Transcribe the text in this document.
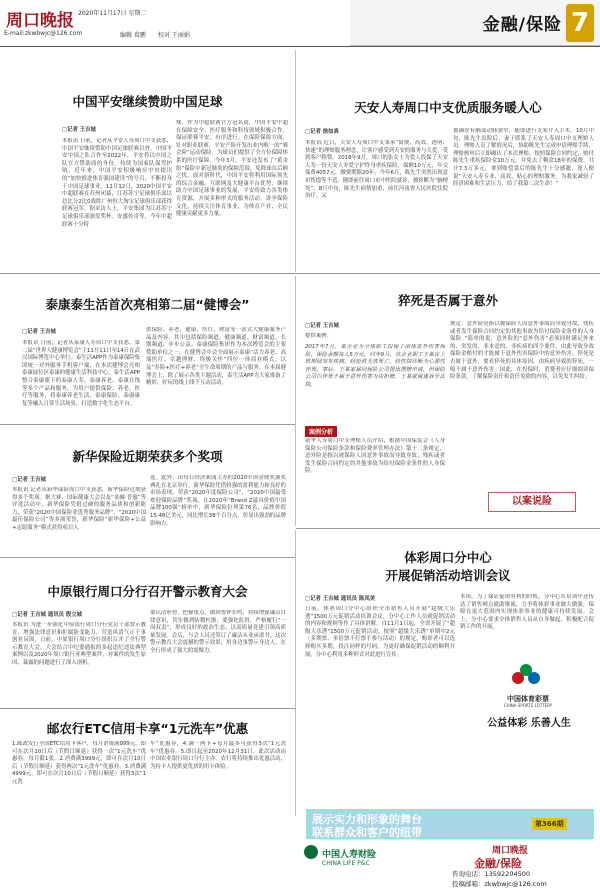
周口晚报 2020年11月17日 星期二
E-mail:zkwbwjc@126.com	编辑 葛鹏 校对 王丽娟
金融/保险 7
中国平安继续赞助中国足球
□记者 王吉城
本报讯 日前，记者从平安人寿周口中支获悉，中国平安继续赞助中国足球联赛以外，中国平安中国之队合作至2022年，平安将以中国之队官方赞助商的身份，持续为国家队保驾护航。近年来，中国平安积极响应中央提出的“加快推进体育强国建设”的号召，不断投身于中国足球事业。11月12日，2020中国平安中超联赛在苏州闭幕，江苏苏宁足球俱乐部以总比分2比0战胜广州恒大淘宝足球俱乐部获得联赛冠军。据采访人士，平安集团为江苏苏宁足球俱乐部颁发奖杯。安盛传奇等，今年中超联赛十分特
殊，作为中超联赛官方冠名商，中国平安中超在保障安全、医疗服务和科技领域积极合作，保证联赛平安、有序进行。在保险保障方面，针对职业联赛，平安产险开发出业内唯一的“赛会险”运动保险，为球员们提供了全方位保障体系的医疗保障。今年3月，平安还发布了“黄金组”保险中新冠肺炎的保障范围，免除球员后顾之忧。面对新时代，中国平安将利用国际领先的综合金融、互联网及大健康平台优势，继续助力中国足球事业的发展，平安将致力各类体育资源，开展多种形式的服务活动，讲孕保险文化，持续关注体育事业，为体育产业、全民健康贡献更多力量。
天安人寿周口中支优质服务暖人心
□记者 徐如真
本报讯 近日，天安人寿周口中支秉承“简便、高效、透明、快速”的理赔服务理念，让客户感受到天安的服务与关爱，受到客户称赞。2018年9月，周口的张女士为爱人投保了天安人寿一份天安人寿爱宁护终身重疾保险，保额10万元，年交保费4057元，缴费期限20年。今年6月，陈先生突然出现意识恍惚等不适，随即前往周口市中医院就诊，被诊断为“脑梗死”。8月中旬，陈先生病情加重，前往河南省人民医院住院治疗。又
被确诊有脑部动脉狭窄，随即进行支架介入手术。10月中旬，陈先生出院后，妻子联系了天安人寿周口中支理赔人员。理赔人员了解情况后，协助陈先生完成申请理赔手续，理赔核审后立即确认了本次理赔，按照保险合同约定，赔付陈先生重疾保险金10万元，并免去了剩余18年的保费，共计7.3万多元。拿到赔偿款后的陈先生十分感激，逢人便说“天安人寿专业、高效、贴心的理赔服务，为我家减轻了经济困难和生活压力，给了我第二次生命！”
泰康泰生活首次亮相第二届“健博会”
□记者 王吉城
本报讯 日前，记者从泰康人寿周口中支获悉，第二届“世界大健康博览会”于11月11日至14日在武汉国际博览中心举行。泰生活APP作为泰康保险集团统一对外服务手机客户端，在本次健博会亮相泰康展位区泰康的健康生活科技中心，泰生活APP整合泰康旗下的泰康人寿、泰康养老、泰康在线等多个产品和服务，为用户提供保险、养老、医疗等服务，将泰康养老生活、泰康保险、泰康康复等融入日常生活场景，打造数字化生态平台。
供保险、养老、健康、医疗、财富等一站式大健康服务产品及内容，其中包括保险频道、健康频道、财富频道、长期频道、步步公益。泰康保险集团作为本次博览会的主要赞助单位之一，在健博会中会全面展示泰康“活力养老、高端医疗、卓越理财、终极关怀”四位一体商业模式。以及“寿险+医疗+养老”全生命周期的产品与服务。在本届健博会上，除了展示各类主题活动，泰生活APP为大家准备了精彩、好玩的线上线下互动活动。
猝死是否属于意外
□记者 王吉城
提供案例：
2017年7月，某企业为全体职工投保了团体意外伤害保险，保险金额每人5万元。同年9月，该企业职工王某在上班期间突发疾病，经抢救无效死亡，经医院诊断为心源性猝死。事后，王某家属向保险公司提出理赔申请，但保险公司以猝死不属于意外伤害为由拒赔，王某家属遂诉至法院。
案例分析
新华人寿周口中支理赔人员介绍，根据中国保监会《人身保险公司保险条款和保险费率管理办法》第十二条规定，意外险是指以被保险人因意外事故而导致身故、残疾或者发生保险合同约定的其他事故为给付保险金条件的人身保险。
规定：意外险是指以被保险人因意外事故而导致身故、残疾或者发生保险合同约定的其他事故为给付保险金条件的人身保险。”简单的说，意外险的“意外伤害”必须同时满足外来的、突发的、非本意的、非疾病的四个要件，由此导致身故保险金赔付的才能属于意外伤害保险中的意外伤害。猝死是否属于意外，要看猝死的具体原因，由疾病导致的猝死，一般不属于意外伤害。因此，在投保时，消费者应仔细阅读保险条款，了解保险责任和责任免除的内容，以免发生纠纷。
以案说险
新华保险近期荣获多个奖项
□记者 王吉城
本报讯 记者从新华保险周口中支获悉，新华保险近期获得多个奖项。据大赛、国际健康大会以及“金融·普惠”等评选活动中，新华保险凭借过硬的服务品质和创新能力，荣获“2020中国保险业优秀服务品牌”、“2020中国最佳保险公司”等多项荣誉，新华保险“新华保险+公益+志愿服务”模式获得项目人
选。此外，由每日经济新闻主办的2020中国金鼎奖颁奖典礼在北京举行，新华保险凭借较强的盈利能力和良好的市场表现，荣获“2020年度保险公司”，“2020中国最受欢迎保险品牌”奖项。在2020年“Brand Z最具价值中国品牌100强”榜单中，新华保险位列第76名，品牌价值15.48亿美元，同比增长38个百分点，彰显出强劲的品牌影响力。
体彩周口分中心
开展促销活动培训会议
□记者 王吉城 通讯员 陈凤美
日前，体彩周口分中心组织全市销售人员开展“超级大乐透”1500万元促销活动培训会议，分中心工作人员就促销活动的内容和规则等作了具体讲解。自11月1日起，全省开展了“超级大乐透”1500万元促销活动，按照“超级大乐透”单期中2元（多期票、多倍票不打票不参与活动）的规定，购彩者可以选择购买多期，投注同样的号码。为更好确保促销活动的顺利开展，分中心利用多种形式对此进行宣传。
本场，为了保证促销有利的时机，分中心在培训中还传达了销售网点就助推流，力争将体彩事业做大做强，保障在更大范围内实现体彩事业的健康可持续发展。会上，分中心要求全体销售人员从自身做起，积极配合促销工作的开展。
中国体育彩票
CHINA SPORTS LOTTERY
公益体彩 乐善人生
中原银行周口分行召开警示教育大会
□记者 王吉城 通讯员 殷立城
本报讯 为进一步强化中原银行周口分行党员干部警示教育，增强法律意识和拒腐防变能力，营造风清气正干事创业氛围，日前，中原银行周口分行组织召开了全行警示教育大会。大会结合中纪委通报的多起违纪违法典型案例以及2020年周口银行业典型案件，对案件的发生原因、暴露的问题进行了深入剖析。
要认清形势，把握重点，做到警钟长鸣，持续增强廉洁自律意识，切实做到防微杜渐，要强化监督，严格履行“一岗双责”，形成良好的政治生态，以高质量党建引领高质量发展。会后，与会人员还签订了廉洁从业承诺书。这次警示教育大会震撼的警示效果，用身边事警示身边人，在全行形成了强大的震慑力。
邮农行ETC信用卡享“1元洗车”优惠
1.邮政发行全国ETC信用卡客户，每月消费满999元，即可在次月10日后（节假日顺延）获得一次“1元洗车”优惠券，每月限1张。2.消费满3999元，即可在次月10日后（节假日顺延）获得两次“1元洗车”优惠券。3.消费满4999元，即可在次月10日后（节假日顺延）获得3次“1元洗
车”优惠券，4.满一两卡+每月最多可获得3次“1元洗车”优惠券。5.即日起至2020年12月31日。此次活动由中国农业银行周口分行主办，农行将持续推出优惠活动，为持卡人提供更优质的用卡体验。
展示实力和形象的舞台
联系群众和客户的纽带
第366期
中国人寿财险
CHINA LIFE P&C
周口晚报
金融/保险
咨询电话：13592204500
投稿邮箱：zkwbwjc@126.com
